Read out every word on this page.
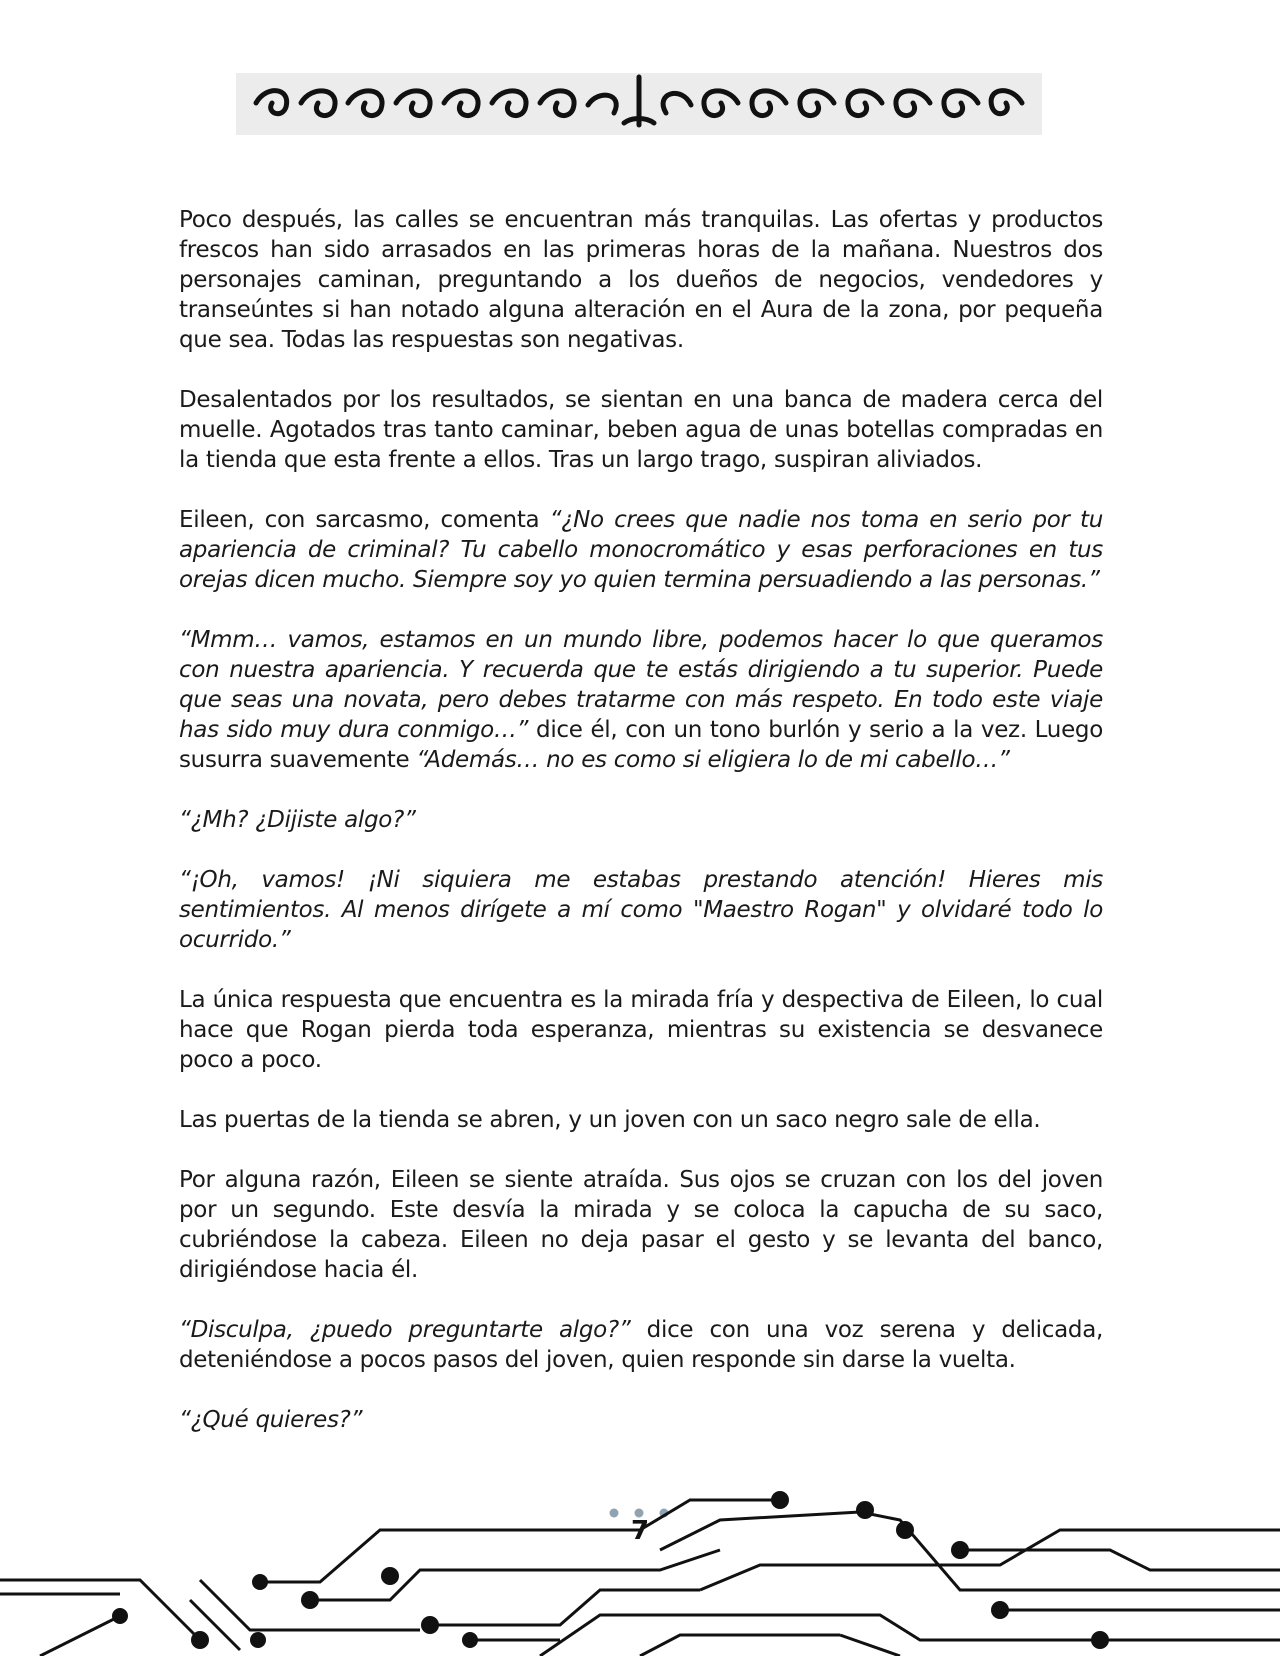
Poco después, las calles se encuentran más tranquilas. Las ofertas y productos frescos han sido arrasados en las primeras horas de la mañana. Nuestros dos personajes caminan, preguntando a los dueños de negocios, vendedores y transeúntes si han notado alguna alteración en el Aura de la zona, por pequeña que sea. Todas las respuestas son negativas.

Desalentados por los resultados, se sientan en una banca de madera cerca del muelle. Agotados tras tanto caminar, beben agua de unas botellas compradas en la tienda que esta frente a ellos. Tras un largo trago, suspiran aliviados.

Eileen, con sarcasmo, comenta “¿No crees que nadie nos toma en serio por tu apariencia de criminal? Tu cabello monocromático y esas perforaciones en tus orejas dicen mucho. Siempre soy yo quien termina persuadiendo a las personas.”

“Mmm… vamos, estamos en un mundo libre, podemos hacer lo que queramos con nuestra apariencia. Y recuerda que te estás dirigiendo a tu superior. Puede que seas una novata, pero debes tratarme con más respeto. En todo este viaje has sido muy dura conmigo…” dice él, con un tono burlón y serio a la vez. Luego susurra suavemente “Además… no es como si eligiera lo de mi cabello…”

“¿Mh? ¿Dijiste algo?”

“¡Oh, vamos! ¡Ni siquiera me estabas prestando atención! Hieres mis sentimientos. Al menos dirígete a mí como "Maestro Rogan" y olvidaré todo lo ocurrido.”

La única respuesta que encuentra es la mirada fría y despectiva de Eileen, lo cual hace que Rogan pierda toda esperanza, mientras su existencia se desvanece poco a poco.

Las puertas de la tienda se abren, y un joven con un saco negro sale de ella.

Por alguna razón, Eileen se siente atraída. Sus ojos se cruzan con los del joven por un segundo. Este desvía la mirada y se coloca la capucha de su saco, cubriéndose la cabeza. Eileen no deja pasar el gesto y se levanta del banco, dirigiéndose hacia él.

“Disculpa, ¿puedo preguntarte algo?” dice con una voz serena y delicada, deteniéndose a pocos pasos del joven, quien responde sin darse la vuelta.

“¿Qué quieres?”

7
